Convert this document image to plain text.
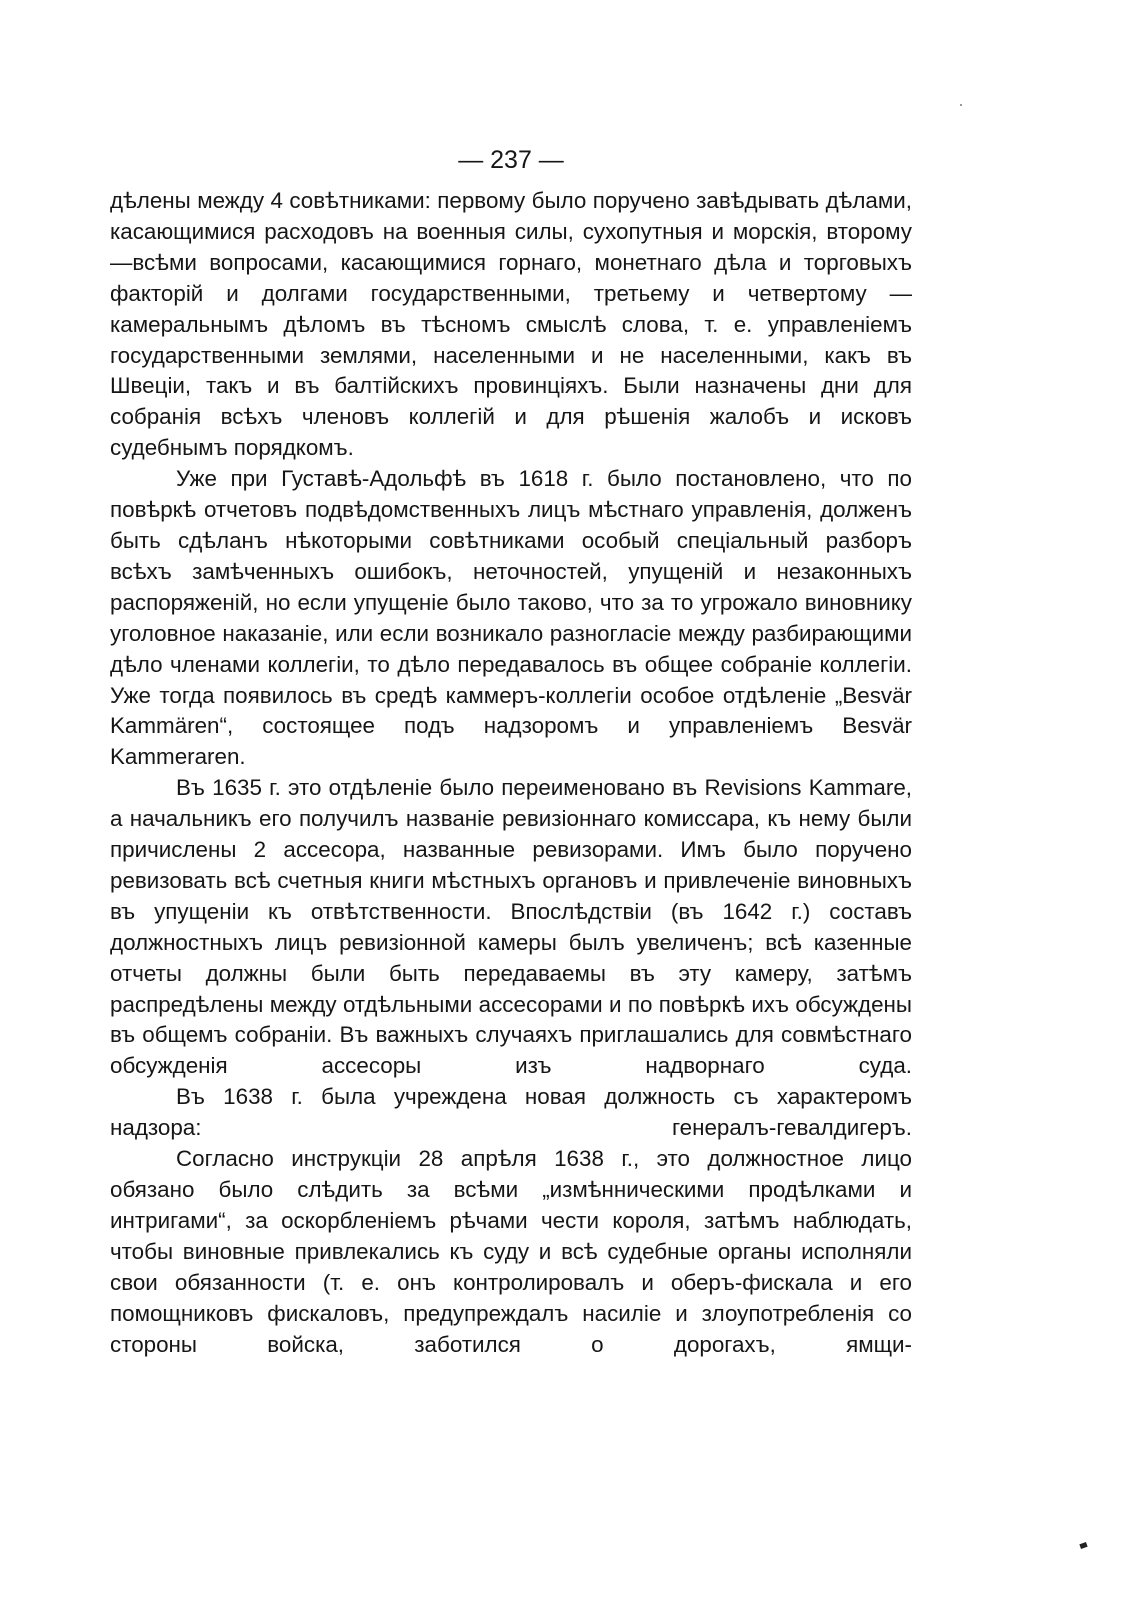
— 237 —

дѣлены между 4 совѣтниками: первому было поручено завѣдывать дѣлами, касающимися расходовъ на военныя силы, сухопутныя и морскія, второму—всѣми вопросами, касающимися горнаго, монетнаго дѣла и торговыхъ факторій и долгами государственными, третьему и четвертому — камеральнымъ дѣломъ въ тѣсномъ смыслѣ слова, т. е. управленіемъ государственными землями, населенными и не населенными, какъ въ Швеціи, такъ и въ балтійскихъ провинціяхъ. Были назначены дни для собранія всѣхъ членовъ коллегій и для рѣшенія жалобъ и исковъ судебнымъ порядкомъ.

Уже при Густавѣ-Адольфѣ въ 1618 г. было постановлено, что по повѣркѣ отчетовъ подвѣдомственныхъ лицъ мѣстнаго управленія, долженъ быть сдѣланъ нѣкоторыми совѣтниками особый спеціальный разборъ всѣхъ замѣченныхъ ошибокъ, неточностей, упущеній и незаконныхъ распоряженій, но если упущеніе было таково, что за то угрожало виновнику уголовное наказаніе, или если возникало разногласіе между разбирающими дѣло членами коллегіи, то дѣло передавалось въ общее собраніе коллегіи. Уже тогда появилось въ средѣ каммеръ-коллегіи особое отдѣленіе „Besvär Kammären“, состоящее подъ надзоромъ и управленіемъ Besvär Kammeraren.

Въ 1635 г. это отдѣленіе было переименовано въ Revisions Kammare, а начальникъ его получилъ названіе ревизіоннаго комиссара, къ нему были причислены 2 ассесора, названные ревизорами. Имъ было поручено ревизовать всѣ счетныя книги мѣстныхъ органовъ и привлеченіе виновныхъ въ упущеніи къ отвѣтственности. Впослѣдствіи (въ 1642 г.) составъ должностныхъ лицъ ревизіонной камеры былъ увеличенъ; всѣ казенные отчеты должны были быть передаваемы въ эту камеру, затѣмъ распредѣлены между отдѣльными ассесорами и по повѣркѣ ихъ обсуждены въ общемъ собраніи. Въ важныхъ случаяхъ приглашались для совмѣстнаго обсужденія ассесоры изъ надворнаго суда.

Въ 1638 г. была учреждена новая должность съ характеромъ надзора: генералъ-гевалдигеръ.

Согласно инструкціи 28 апрѣля 1638 г., это должностное лицо обязано было слѣдить за всѣми „измѣнническими продѣлками и интригами“, за оскорбленіемъ рѣчами чести короля, затѣмъ наблюдать, чтобы виновные привлекались къ суду и всѣ судебные органы исполняли свои обязанности (т. е. онъ контролировалъ и оберъ-фискала и его помощниковъ фискаловъ, предупреждалъ насиліе и злоупотребленія со стороны войска, заботился о дорогахъ, ямщи-
